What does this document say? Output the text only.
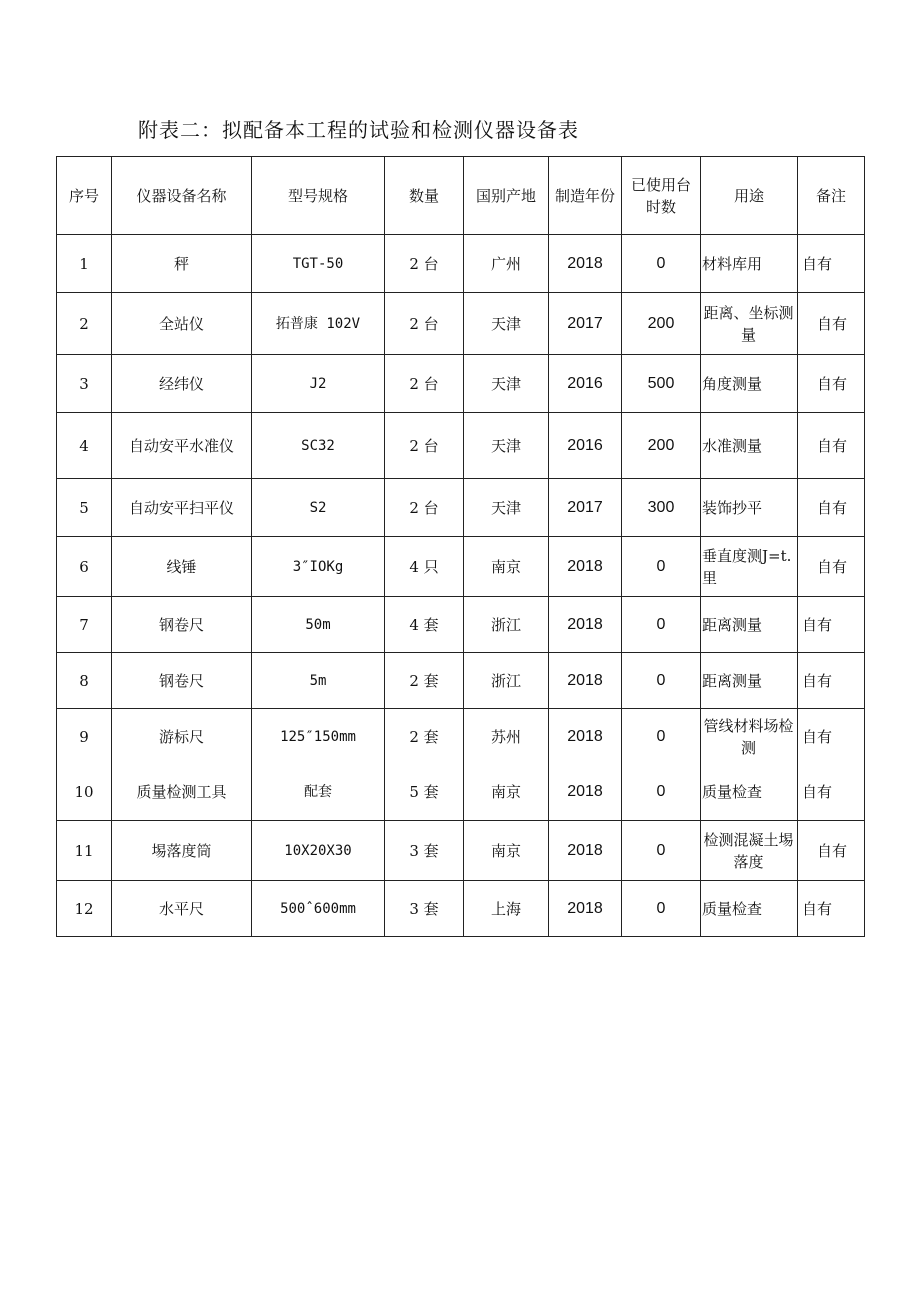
附表二：拟配备本工程的试验和检测仪器设备表
序号	仪器设备名称	型号规格	数量	国别产地	制造年份	已使用台时数	用途	备注
1	秤	TGT-50	2 台	广州	2018	0	材料库用	自有
2	全站仪	拓普康 102V	2 台	天津	2017	200	距离、坐标测量	自有
3	经纬仪	J2	2 台	天津	2016	500	角度测量	自有
4	自动安平水准仪	SC32	2 台	天津	2016	200	水准测量	自有
5	自动安平扫平仪	S2	2 台	天津	2017	300	装饰抄平	自有
6	线锤	3″IOKg	4 只	南京	2018	0	垂直度测J=t.里	自有
7	钢卷尺	50m	4 套	浙江	2018	0	距离测量	自有
8	钢卷尺	5m	2 套	浙江	2018	0	距离测量	自有
9	游标尺	125″150mm	2 套	苏州	2018	0	管线材料场检测	自有
10	质量检测工具	配套	5 套	南京	2018	0	质量检查	自有
11	埸落度筒	10X20X30	3 套	南京	2018	0	检测混凝土埸落度	自有
12	水平尺	500ˆ600mm	3 套	上海	2018	0	质量检查	自有
